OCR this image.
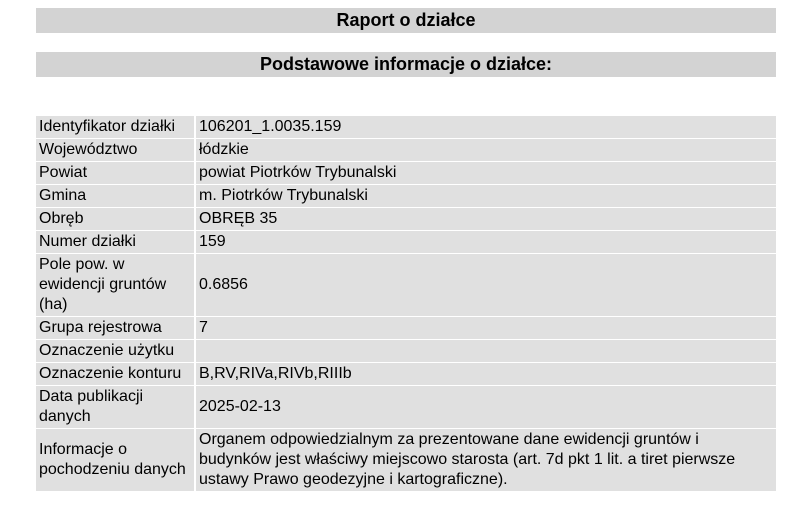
Raport o działce
Podstawowe informacje o działce:
Identyfikator działki	106201_1.0035.159
Województwo	łódzkie
Powiat	powiat Piotrków Trybunalski
Gmina	m. Piotrków Trybunalski
Obręb	OBRĘB 35
Numer działki	159
Pole pow. w ewidencji gruntów (ha)	0.6856
Grupa rejestrowa	7
Oznaczenie użytku	
Oznaczenie konturu	B,RV,RIVa,RIVb,RIIIb
Data publikacji danych	2025-02-13
Informacje o pochodzeniu danych	Organem odpowiedzialnym za prezentowane dane ewidencji gruntów i budynków jest właściwy miejscowo starosta (art. 7d pkt 1 lit. a tiret pierwsze ustawy Prawo geodezyjne i kartograficzne).
